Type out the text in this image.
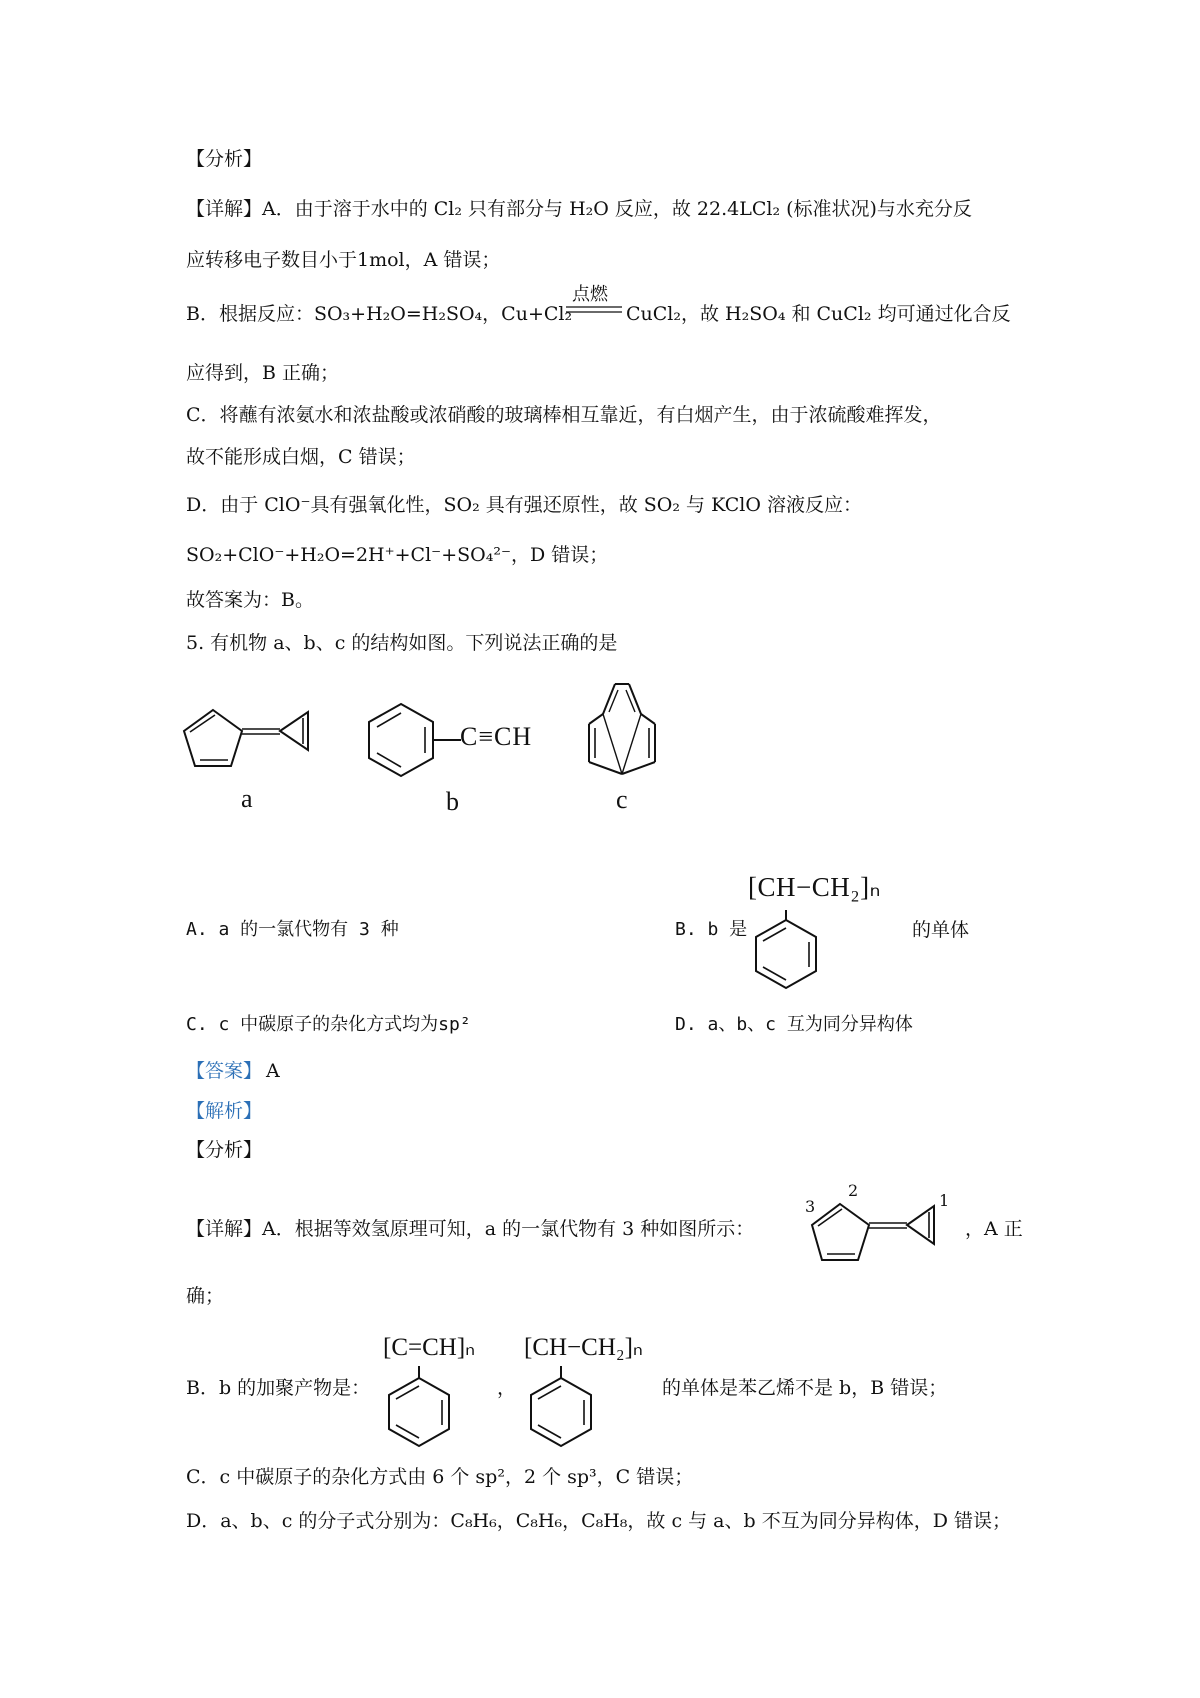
【分析】
【详解】A．由于溶于水中的 Cl₂ 只有部分与 H₂O 反应，故 22.4LCl₂ (标准状况)与水充分反
应转移电子数目小于1mol，A 错误；
B．根据反应：SO₃+H₂O=H₂SO₄，Cu+Cl₂
点燃
CuCl₂，故 H₂SO₄ 和 CuCl₂ 均可通过化合反
应得到，B 正确；
C．将蘸有浓氨水和浓盐酸或浓硝酸的玻璃棒相互靠近，有白烟产生，由于浓硫酸难挥发，
故不能形成白烟，C 错误；
D．由于 ClO⁻具有强氧化性，SO₂ 具有强还原性，故 SO₂ 与 KClO 溶液反应：
SO₂+ClO⁻+H₂O=2H⁺+Cl⁻+SO₄²⁻，D 错误；
故答案为：B。
5. 有机物 a、b、c 的结构如图。下列说法正确的是
a
C≡CH
b	c
A. a 的一氯代物有 3 种	B. b 是
[CH−CH₂]ₙ
的单体
C. c 中碳原子的杂化方式均为sp²	D. a、b、c 互为同分异构体
【答案】 A
【解析】
【分析】
【详解】A．根据等效氢原理可知，a 的一氯代物有 3 种如图所示：
1
2
3
，A 正
确；
B．b 的加聚产物是：
[C=CH]ₙ
，
[CH−CH₂]ₙ
的单体是苯乙烯不是 b，B 错误；
C．c 中碳原子的杂化方式由 6 个 sp²，2 个 sp³，C 错误；
D．a、b、c 的分子式分别为：C₈H₆，C₈H₆，C₈H₈，故 c 与 a、b 不互为同分异构体，D 错误；
